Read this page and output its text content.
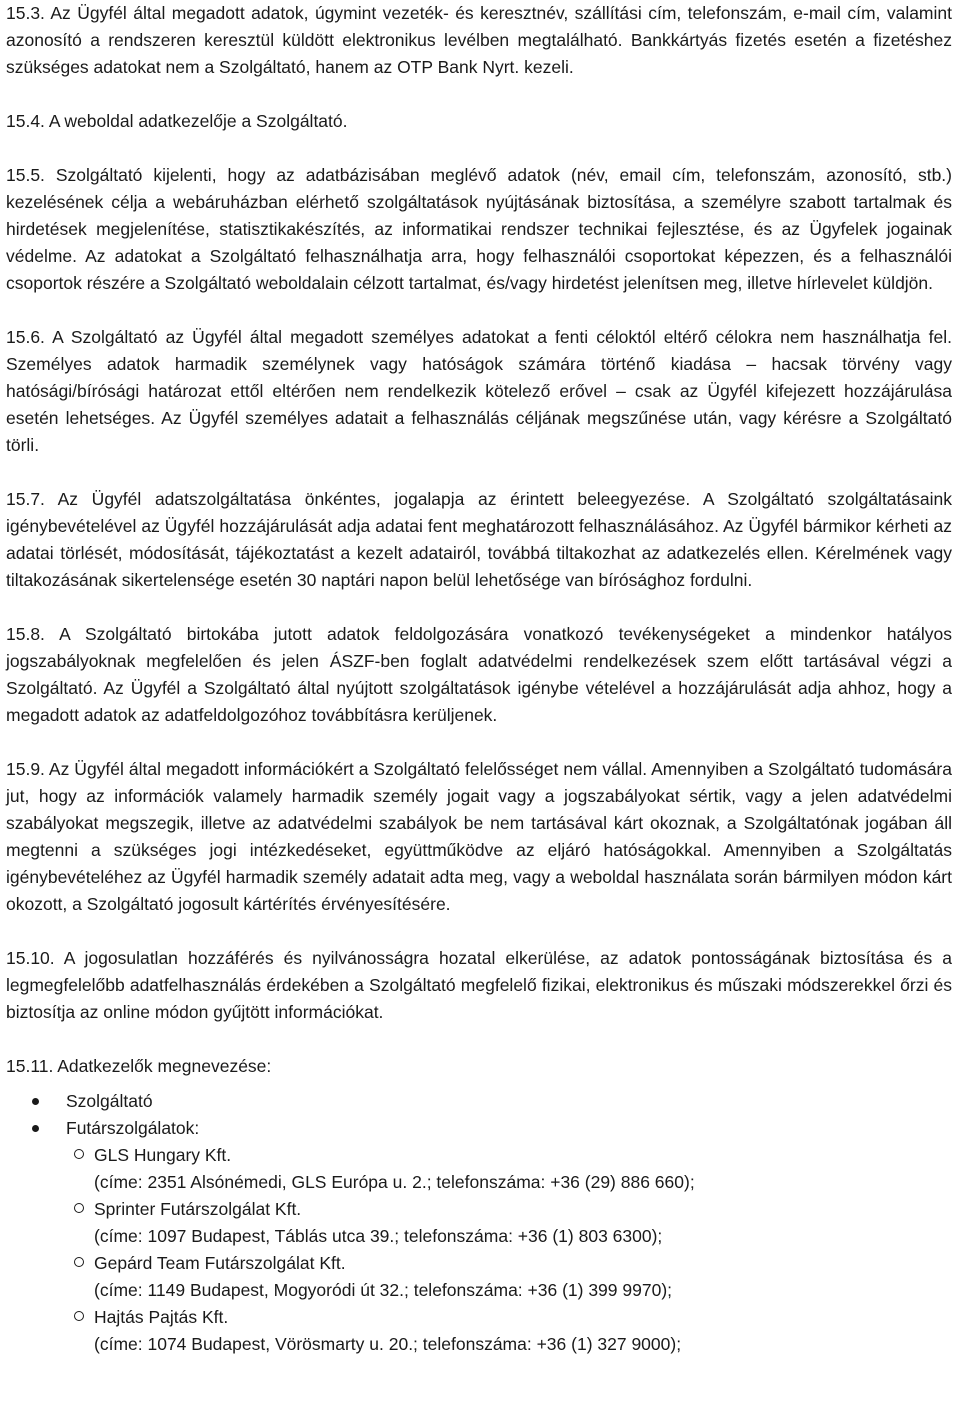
15.3. Az Ügyfél által megadott adatok, úgymint vezeték- és keresztnév, szállítási cím, telefonszám, e-mail cím, valamint azonosító a rendszeren keresztül küldött elektronikus levélben megtalálható. Bankkártyás fizetés esetén a fizetéshez szükséges adatokat nem a Szolgáltató, hanem az OTP Bank Nyrt. kezeli.

15.4. A weboldal adatkezelője a Szolgáltató.

15.5. Szolgáltató kijelenti, hogy az adatbázisában meglévő adatok (név, email cím, telefonszám, azonosító, stb.) kezelésének célja a webáruházban elérhető szolgáltatások nyújtásának biztosítása, a személyre szabott tartalmak és hirdetések megjelenítése, statisztikakészítés, az informatikai rendszer technikai fejlesztése, és az Ügyfelek jogainak védelme. Az adatokat a Szolgáltató felhasználhatja arra, hogy felhasználói csoportokat képezzen, és a felhasználói csoportok részére a Szolgáltató weboldalain célzott tartalmat, és/vagy hirdetést jelenítsen meg, illetve hírlevelet küldjön.

15.6. A Szolgáltató az Ügyfél által megadott személyes adatokat a fenti céloktól eltérő célokra nem használhatja fel. Személyes adatok harmadik személynek vagy hatóságok számára történő kiadása – hacsak törvény vagy hatósági/bírósági határozat ettől eltérően nem rendelkezik kötelező erővel – csak az Ügyfél kifejezett hozzájárulása esetén lehetséges. Az Ügyfél személyes adatait a felhasználás céljának megszűnése után, vagy kérésre a Szolgáltató törli.

15.7. Az Ügyfél adatszolgáltatása önkéntes, jogalapja az érintett beleegyezése. A Szolgáltató szolgáltatásaink igénybevételével az Ügyfél hozzájárulását adja adatai fent meghatározott felhasználásához. Az Ügyfél bármikor kérheti az adatai törlését, módosítását, tájékoztatást a kezelt adatairól, továbbá tiltakozhat az adatkezelés ellen. Kérelmének vagy tiltakozásának sikertelensége esetén 30 naptári napon belül lehetősége van bírósághoz fordulni.

15.8. A Szolgáltató birtokába jutott adatok feldolgozására vonatkozó tevékenységeket a mindenkor hatályos jogszabályoknak megfelelően és jelen ÁSZF-ben foglalt adatvédelmi rendelkezések szem előtt tartásával végzi a Szolgáltató. Az Ügyfél a Szolgáltató által nyújtott szolgáltatások igénybe vételével a hozzájárulását adja ahhoz, hogy a megadott adatok az adatfeldolgozóhoz továbbításra kerüljenek.

15.9. Az Ügyfél által megadott információkért a Szolgáltató felelősséget nem vállal. Amennyiben a Szolgáltató tudomására jut, hogy az információk valamely harmadik személy jogait vagy a jogszabályokat sértik, vagy a jelen adatvédelmi szabályokat megszegik, illetve az adatvédelmi szabályok be nem tartásával kárt okoznak, a Szolgáltatónak jogában áll megtenni a szükséges jogi intézkedéseket, együttműködve az eljáró hatóságokkal. Amennyiben a Szolgáltatás igénybevételéhez az Ügyfél harmadik személy adatait adta meg, vagy a weboldal használata során bármilyen módon kárt okozott, a Szolgáltató jogosult kártérítés érvényesítésére.

15.10. A jogosulatlan hozzáférés és nyilvánosságra hozatal elkerülése, az adatok pontosságának biztosítása és a legmegfelelőbb adatfelhasználás érdekében a Szolgáltató megfelelő fizikai, elektronikus és műszaki módszerekkel őrzi és biztosítja az online módon gyűjtött információkat.

15.11. Adatkezelők megnevezése:

Szolgáltató
Futárszolgálatok:
GLS Hungary Kft.
(címe: 2351 Alsónémedi, GLS Európa u. 2.; telefonszáma: +36 (29) 886 660);
Sprinter Futárszolgálat Kft.
(címe: 1097 Budapest, Táblás utca 39.; telefonszáma: +36 (1) 803 6300);
Gepárd Team Futárszolgálat Kft.
(címe: 1149 Budapest, Mogyoródi út 32.; telefonszáma: +36 (1) 399 9970);
Hajtás Pajtás Kft.
(címe: 1074 Budapest, Vörösmarty u. 20.; telefonszáma: +36 (1) 327 9000);
